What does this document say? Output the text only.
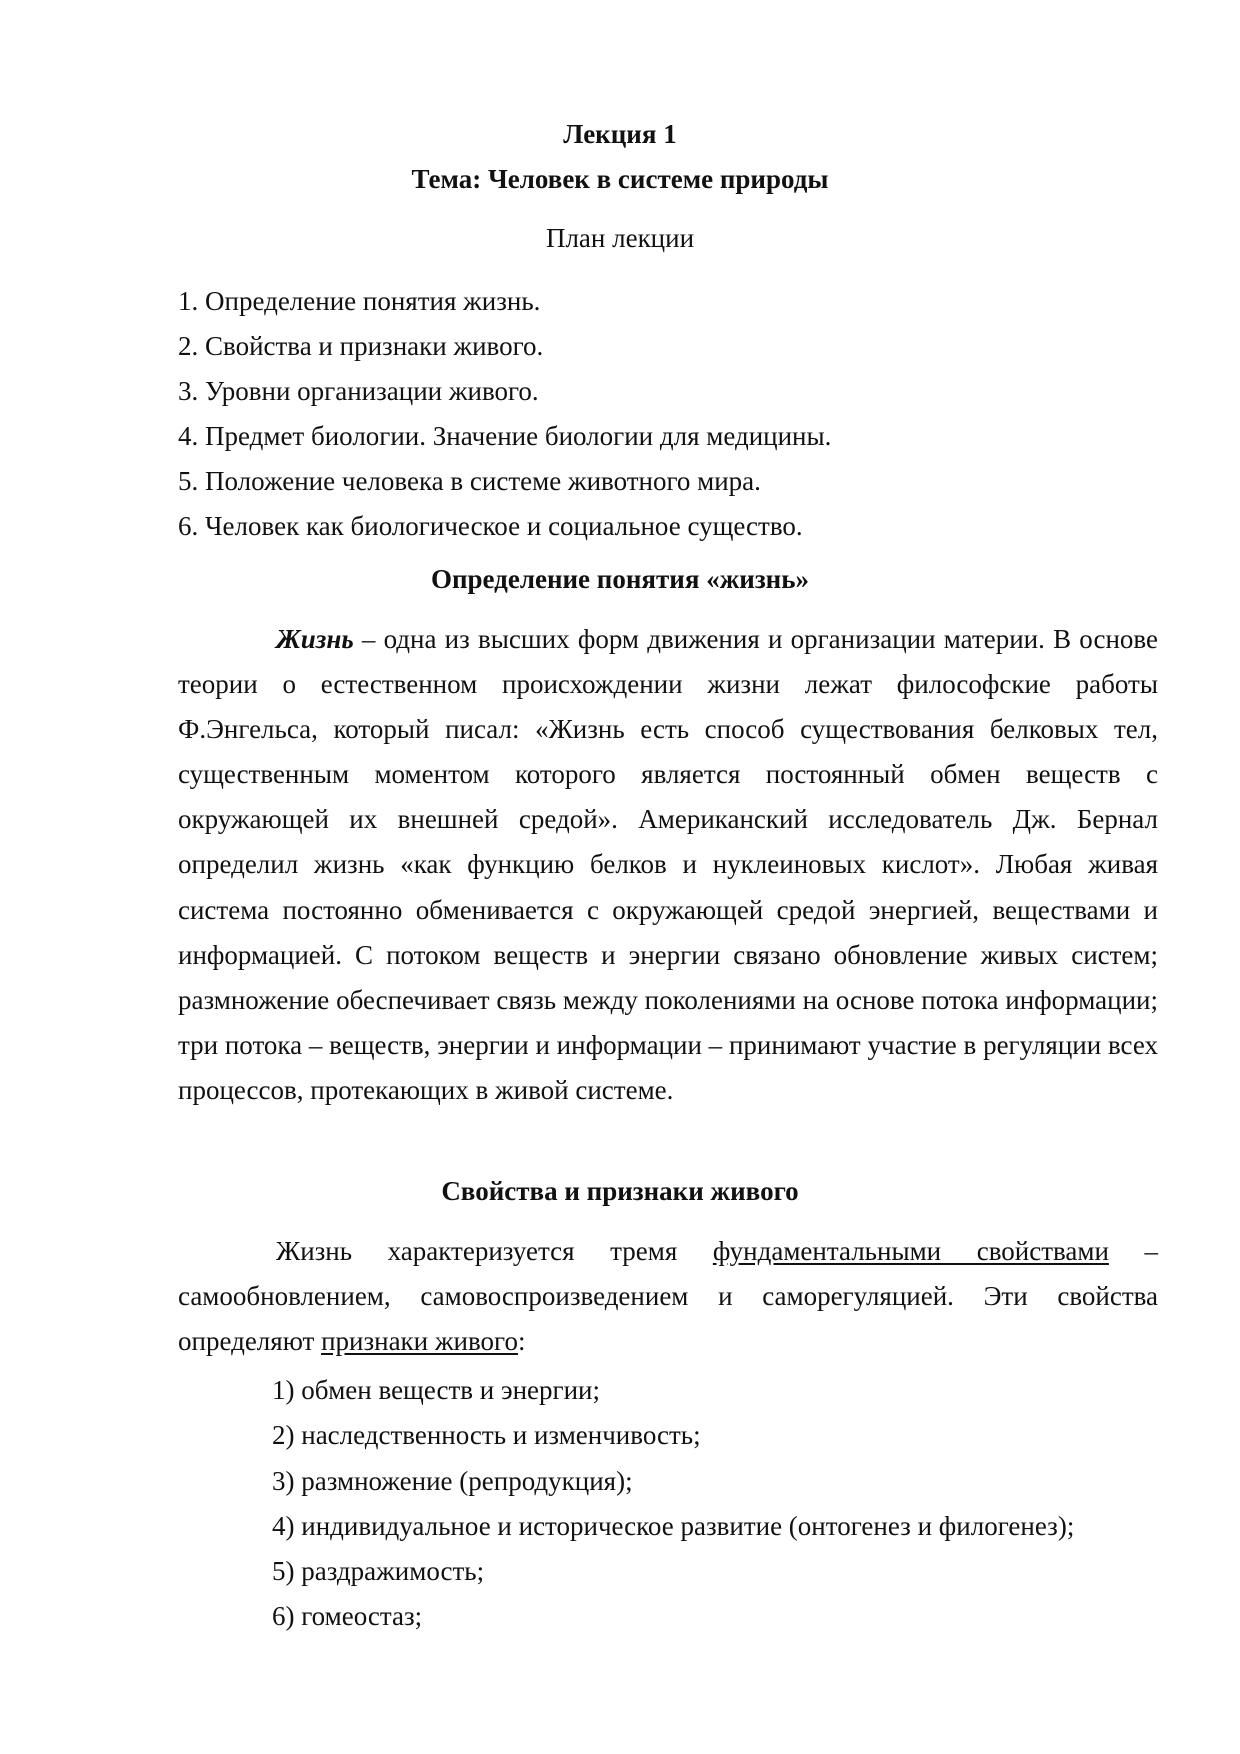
Лекция 1
Тема: Человек в системе природы
План лекции
1. Определение понятия жизнь.
2. Свойства и признаки живого.
3. Уровни организации живого.
4. Предмет биологии. Значение биологии для медицины.
5. Положение человека в системе животного мира.
6. Человек как биологическое и социальное существо.
Определение понятия «жизнь»

Жизнь – одна из высших форм движения и организации материи. В основе теории о естественном происхождении жизни лежат философские работы Ф.Энгельса, который писал: «Жизнь есть способ существования белковых тел, существенным моментом которого является постоянный обмен веществ с окружающей их внешней средой». Американский исследователь Дж. Бернал определил жизнь «как функцию белков и нуклеиновых кислот». Любая живая система постоянно обменивается с окружающей средой энергией, веществами и информацией. С потоком веществ и энергии связано обновление живых систем; размножение обеспечивает связь между поколениями на основе потока информации; три потока – веществ, энергии и информации – принимают участие в регуляции всех процессов, протекающих в живой системе.

Свойства и признаки живого

Жизнь характеризуется тремя фундаментальными свойствами – самообновлением, самовоспроизведением и саморегуляцией. Эти свойства определяют признаки живого:

1) обмен веществ и энергии;
2) наследственность и изменчивость;
3) размножение (репродукция);
4) индивидуальное и историческое развитие (онтогенез и филогенез);
5) раздражимость;
6) гомеостаз;
